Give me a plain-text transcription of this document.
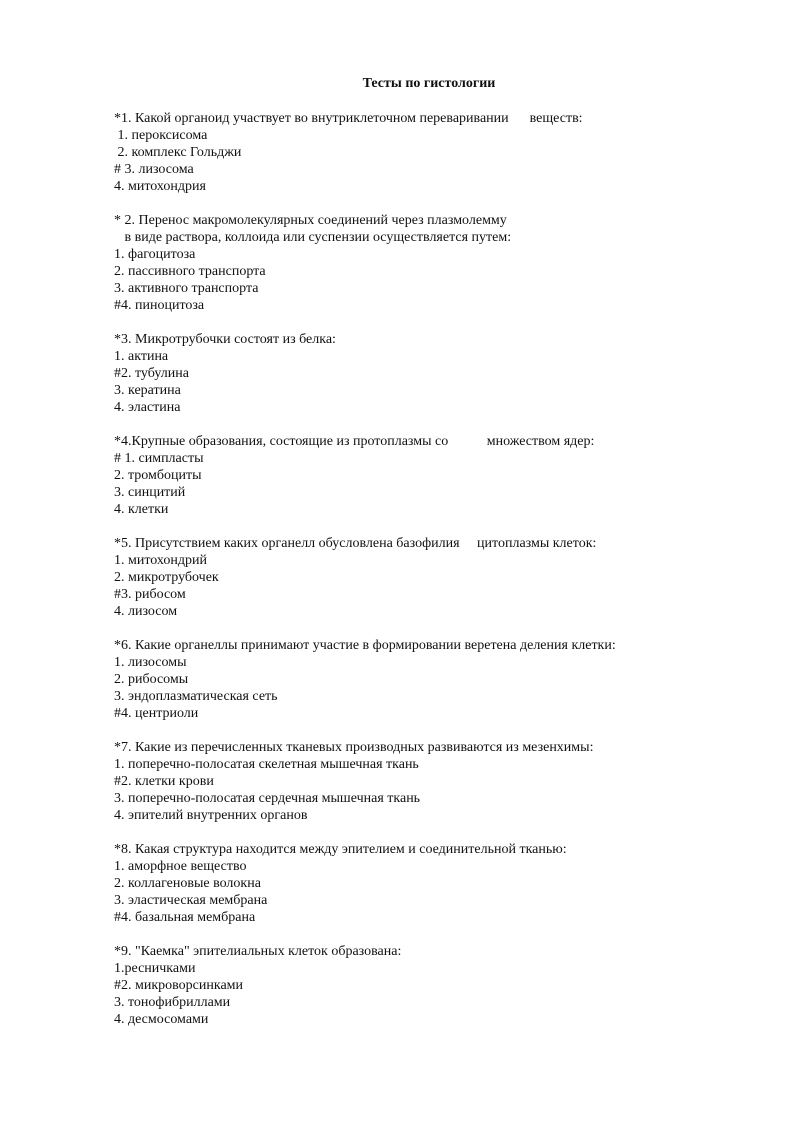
Тесты по гистологии
*1. Какой органоид участвует во внутриклеточном переваривании      веществ:
1. пероксисома
2. комплекс Гольджи
# 3. лизосома
4. митохондрия
* 2. Перенос макромолекулярных соединений через плазмолемму
в виде раствора, коллоида или суспензии осуществляется путем:
1. фагоцитоза
2. пассивного транспорта
3. активного транспорта
#4. пиноцитоза
*3. Микротрубочки состоят из белка:
1. актина
#2. тубулина
3. кератина
4. эластина
*4.Крупные образования, состоящие из протоплазмы со           множеством ядер:
# 1. симпласты
2. тромбоциты
3. синцитий
4. клетки
*5. Присутствием каких органелл обусловлена базофилия     цитоплазмы клеток:
1. митохондрий
2. микротрубочек
#3. рибосом
4. лизосом
*6. Какие органеллы принимают участие в формировании веретена деления клетки:
1. лизосомы
2. рибосомы
3. эндоплазматическая сеть
#4. центриоли
*7. Какие из перечисленных тканевых производных развиваются из мезенхимы:
1. поперечно-полосатая скелетная мышечная ткань
#2. клетки крови
3. поперечно-полосатая сердечная мышечная ткань
4. эпителий внутренних органов
*8. Какая структура находится между эпителием и соединительной тканью:
1. аморфное вещество
2. коллагеновые волокна
3. эластическая мембрана
#4. базальная мембрана
*9. "Каемка" эпителиальных клеток образована:
1.ресничками
#2. микроворсинками
3. тонофибриллами
4. десмосомами
